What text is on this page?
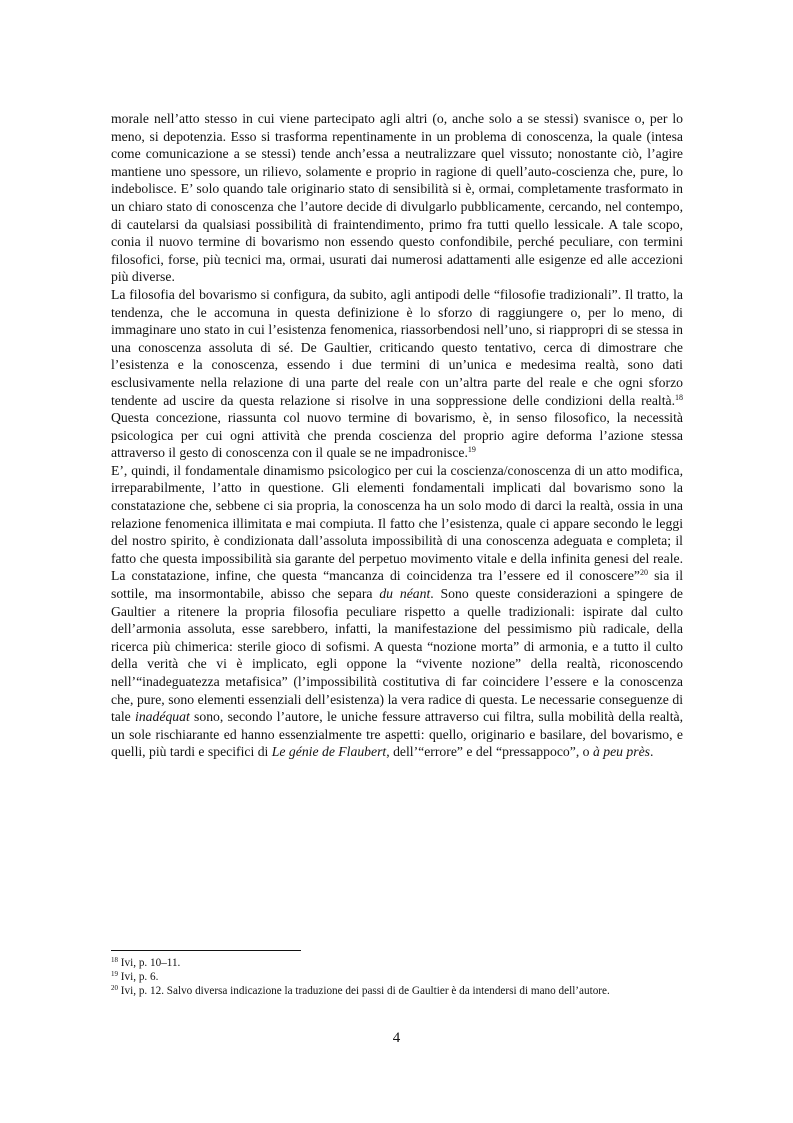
morale nell’atto stesso in cui viene partecipato agli altri (o, anche solo a se stessi) svanisce o, per lo meno, si depotenzia. Esso si trasforma repentinamente in un problema di conoscenza, la quale (intesa come comunicazione a se stessi) tende anch’essa a neutralizzare quel vissuto; nonostante ciò, l’agire mantiene uno spessore, un rilievo, solamente e proprio in ragione di quell’auto-coscienza che, pure, lo indebolisce. E’ solo quando tale originario stato di sensibilità si è, ormai, completamente trasformato in un chiaro stato di conoscenza che l’autore decide di divulgarlo pubblicamente, cercando, nel contempo, di cautelarsi da qualsiasi possibilità di fraintendimento, primo fra tutti quello lessicale. A tale scopo, conia il nuovo termine di bovarismo non essendo questo confondibile, perché peculiare, con termini filosofici, forse, più tecnici ma, ormai, usurati dai numerosi adattamenti alle esigenze ed alle accezioni più diverse.

La filosofia del bovarismo si configura, da subito, agli antipodi delle “filosofie tradizionali”. Il tratto, la tendenza, che le accomuna in questa definizione è lo sforzo di raggiungere o, per lo meno, di immaginare uno stato in cui l’esistenza fenomenica, riassorbendosi nell’uno, si riappropri di se stessa in una conoscenza assoluta di sé. De Gaultier, criticando questo tentativo, cerca di dimostrare che l’esistenza e la conoscenza, essendo i due termini di un’unica e medesima realtà, sono dati esclusivamente nella relazione di una parte del reale con un’altra parte del reale e che ogni sforzo tendente ad uscire da questa relazione si risolve in una soppressione delle condizioni della realtà.$^{18}$ Questa concezione, riassunta col nuovo termine di bovarismo, è, in senso filosofico, la necessità psicologica per cui ogni attività che prenda coscienza del proprio agire deforma l’azione stessa attraverso il gesto di conoscenza con il quale se ne impadronisce.$^{19}$

E’, quindi, il fondamentale dinamismo psicologico per cui la coscienza/conoscenza di un atto modifica, irreparabilmente, l’atto in questione. Gli elementi fondamentali implicati dal bovarismo sono la constatazione che, sebbene ci sia propria, la conoscenza ha un solo modo di darci la realtà, ossia in una relazione fenomenica illimitata e mai compiuta. Il fatto che l’esistenza, quale ci appare secondo le leggi del nostro spirito, è condizionata dall’assoluta impossibilità di una conoscenza adeguata e completa; il fatto che questa impossibilità sia garante del perpetuo movimento vitale e della infinita genesi del reale. La constatazione, infine, che questa “mancanza di coincidenza tra l’essere ed il conoscere”$^{20}$ sia il sottile, ma insormontabile, abisso che separa du néant. Sono queste considerazioni a spingere de Gaultier a ritenere la propria filosofia peculiare rispetto a quelle tradizionali: ispirate dal culto dell’armonia assoluta, esse sarebbero, infatti, la manifestazione del pessimismo più radicale, della ricerca più chimerica: sterile gioco di sofismi. A questa “nozione morta” di armonia, e a tutto il culto della verità che vi è implicato, egli oppone la “vivente nozione” della realtà, riconoscendo nell’“inadeguatezza metafisica” (l’impossibilità costitutiva di far coincidere l’essere e la conoscenza che, pure, sono elementi essenziali dell’esistenza) la vera radice di questa. Le necessarie conseguenze di tale inadéquat sono, secondo l’autore, le uniche fessure attraverso cui filtra, sulla mobilità della realtà, un sole rischiarante ed hanno essenzialmente tre aspetti: quello, originario e basilare, del bovarismo, e quelli, più tardi e specifici di Le génie de Flaubert, dell’“errore” e del “pressappoco”, o à peu près.

$^{18}$ Ivi, p. 10–11.
$^{19}$ Ivi, p. 6.
$^{20}$ Ivi, p. 12. Salvo diversa indicazione la traduzione dei passi di de Gaultier è da intendersi di mano dell’autore.
4
